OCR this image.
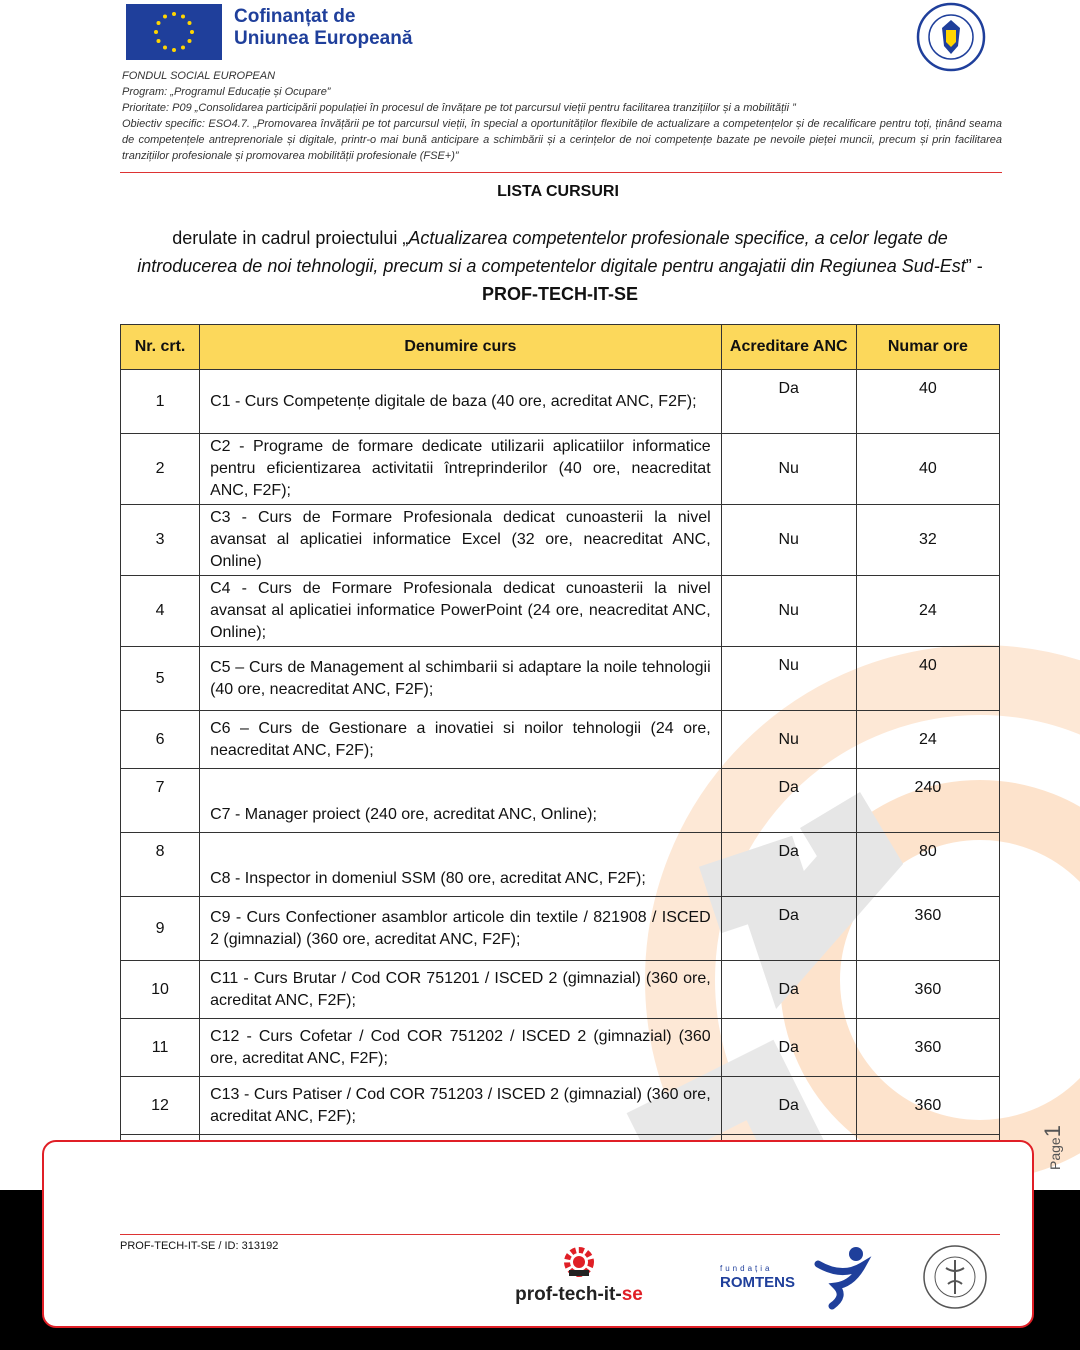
Cofinanțat de
Uniunea Europeană
FONDUL SOCIAL EUROPEAN
Program: „Programul Educație și Ocupare”
Prioritate: P09 „Consolidarea participării populației în procesul de învățare pe tot parcursul vieții pentru facilitarea tranzițiilor și a mobilității ”
Obiectiv specific: ESO4.7. „Promovarea învățării pe tot parcursul vieții, în special a oportunităților flexibile de actualizare a competențelor și de recalificare pentru toți, ținând seama de competențele antreprenoriale și digitale, printr-o mai bună anticipare a schimbării și a cerințelor de noi competențe bazate pe nevoile pieței muncii, precum și prin facilitarea tranzițiilor profesionale și promovarea mobilității profesionale (FSE+)”
LISTA CURSURI
derulate in cadrul proiectului „Actualizarea competentelor profesionale specifice, a celor legate de introducerea de noi tehnologii, precum si a competentelor digitale pentru angajatii din Regiunea Sud-Est” - PROF-TECH-IT-SE
Nr. crt.	Denumire curs	Acreditare ANC	Numar ore
1	C1 - Curs Competențe digitale de baza (40 ore, acreditat ANC, F2F);	Da	40
2	C2 - Programe de formare dedicate utilizarii aplicatiilor informatice pentru eficientizarea activitatii întreprinderilor (40 ore, neacreditat ANC, F2F);	Nu	40
3	C3 - Curs de Formare Profesionala dedicat cunoasterii la nivel avansat al aplicatiei informatice Excel (32 ore, neacreditat ANC, Online)	Nu	32
4	C4 - Curs de Formare Profesionala dedicat cunoasterii la nivel avansat al aplicatiei informatice PowerPoint (24 ore, neacreditat ANC, Online);	Nu	24
5	C5 – Curs de Management al schimbarii si adaptare la noile tehnologii (40 ore, neacreditat ANC, F2F);	Nu	40
6	C6 – Curs de Gestionare a inovatiei si noilor tehnologii (24 ore, neacreditat ANC, F2F);	Nu	24
7	C7 - Manager proiect (240 ore, acreditat ANC, Online);	Da	240
8	C8 - Inspector in domeniul SSM (80 ore, acreditat ANC, F2F);	Da	80
9	C9 - Curs Confectioner asamblor articole din textile / 821908 / ISCED 2 (gimnazial) (360 ore, acreditat ANC, F2F);	Da	360
10	C11 - Curs Brutar / Cod COR 751201 / ISCED 2 (gimnazial) (360 ore, acreditat ANC, F2F);	Da	360
11	C12 - Curs Cofetar / Cod COR 751202 / ISCED 2 (gimnazial) (360 ore, acreditat ANC, F2F);	Da	360
12	C13 - Curs Patiser / Cod COR 751203 / ISCED 2 (gimnazial) (360 ore, acreditat ANC, F2F);	Da	360

Page1
PROF-TECH-IT-SE / ID: 313192
prof-tech-it-se
fundația
ROMTENS
